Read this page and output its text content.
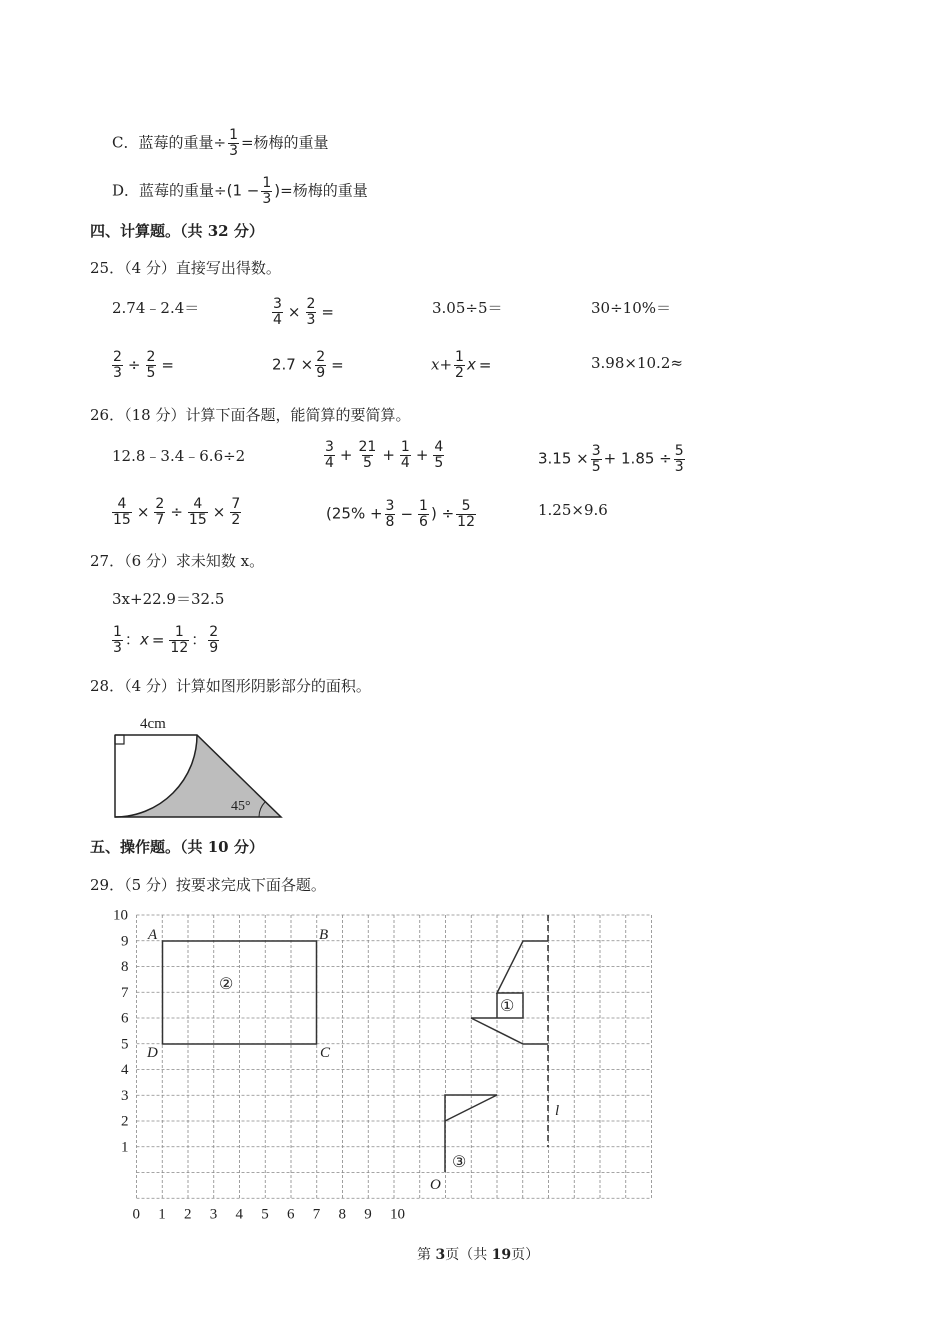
C．蓝莓的重量÷ $\frac{1}{3}$ =杨梅的重量
D．蓝莓的重量$\div(1 - \frac{1}{3}$ )=杨梅的重量
四、计算题。（共 32 分）
25．（4 分）直接写出得数。
2.74﹣2.4＝	$\frac{3}{4} \times \frac{2}{3}$ =	3.05÷5＝	30÷10%＝
$\frac{2}{3} \div \frac{2}{5}$ =	$2.7 \times \frac{2}{9}$ =	$x+ \frac{1}{2}$ x =	3.98×10.2≈
26．（18 分）计算下面各题，能简算的要简算。
12.8﹣3.4﹣6.6÷2	$\frac{3}{4} + \frac{21}{5} + \frac{1}{4} + \frac{4}{5}$	$3.15 \times \frac{3}{5} + 1.85 \div \frac{5}{3}$
$\frac{4}{15} \times \frac{2}{7} \div \frac{4}{15} \times \frac{7}{2}$	($25\% + \frac{3}{8} - \frac{1}{6}$ ) ÷ $\frac{5}{12}$	1.25×9.6
27．（6 分）求未知数 x。
3x+22.9＝32.5
$\frac{1}{3}$ ：$x = \frac{1}{12}$ ： $\frac{2}{9}$
28．（4 分）计算如图形阴影部分的面积。
4cm
45°
五、操作题。（共 10 分）
29．（5 分）按要求完成下面各题。
0 1 2 3 4 5 6 7 8 9 10
1
2
3
4
5
6
7
8
9
10
A	B
C
D
②
①
l
③
O
第 3页（共 19页）
